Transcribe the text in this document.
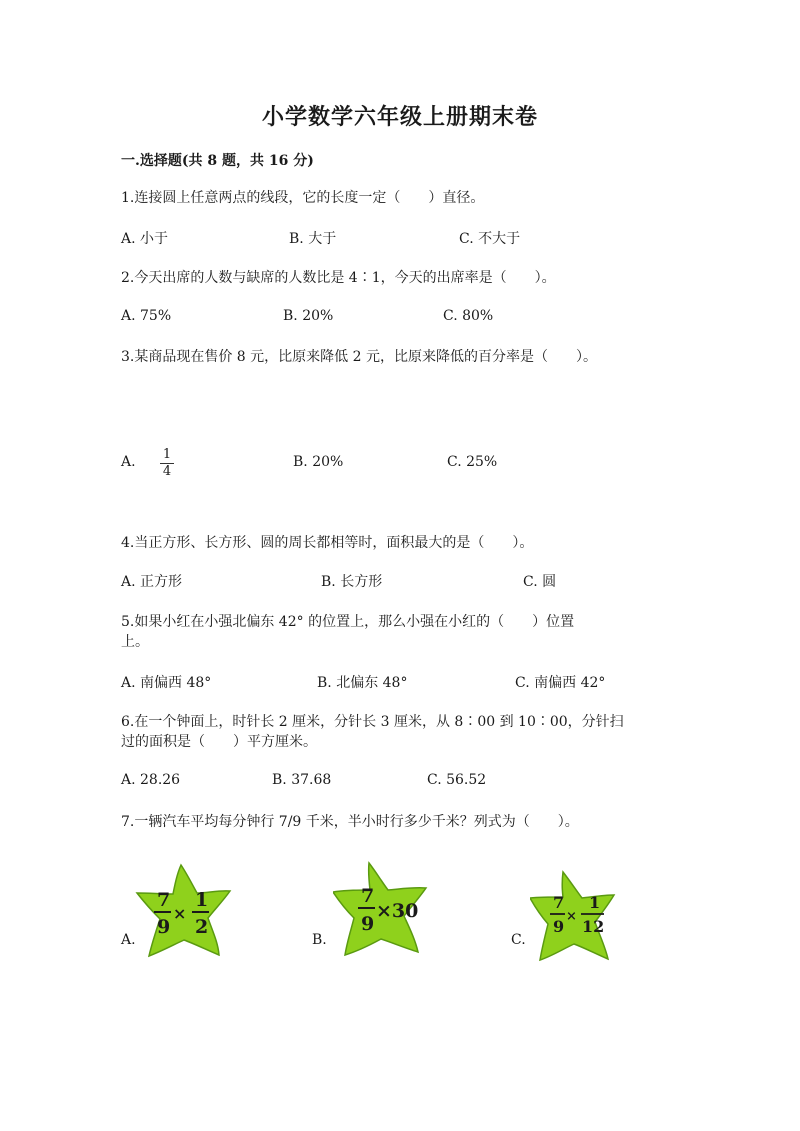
小学数学六年级上册期末卷
一.选择题(共 8 题，共 16 分)
1.连接圆上任意两点的线段，它的长度一定（　　）直径。
A. 小于	B. 大于	C. 不大于
2.今天出席的人数与缺席的人数比是 4∶1，今天的出席率是（　　）。
A. 75%	B. 20%	C. 80%
3.某商品现在售价 8 元，比原来降低 2 元，比原来降低的百分率是（　　）。
A. 1
4
B. 20%	C. 25%
4.当正方形、长方形、圆的周长都相等时，面积最大的是（　　）。
A. 正方形	B. 长方形	C. 圆
5.如果小红在小强北偏东 42° 的位置上，那么小强在小红的（　　）位置
上。
A. 南偏西 48°	B. 北偏东 48°	C. 南偏西 42°
6.在一个钟面上，时针长 2 厘米，分针长 3 厘米，从 8∶00 到 10∶00，分针扫
过的面积是（　　）平方厘米。
A. 28.26	B. 37.68	C. 56.52
7.一辆汽车平均每分钟行 7/9 千米，半小时行多少千米？列式为（　　）。
A.	B.	C.
7
9
×
1
2
7
9
×30	7
9
×
1
12
